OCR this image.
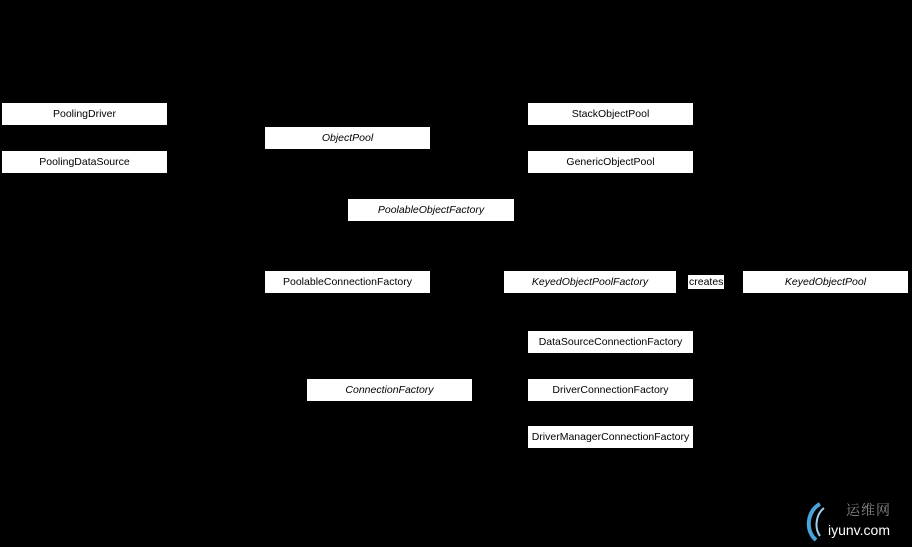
PoolingDriver
PoolingDataSource
ObjectPool
StackObjectPool
GenericObjectPool
PoolableObjectFactory
PoolableConnectionFactory	KeyedObjectPoolFactory	creates	KeyedObjectPool
DataSourceConnectionFactory
ConnectionFactory	DriverConnectionFactory
DriverManagerConnectionFactory
运维网
iyunv.com
